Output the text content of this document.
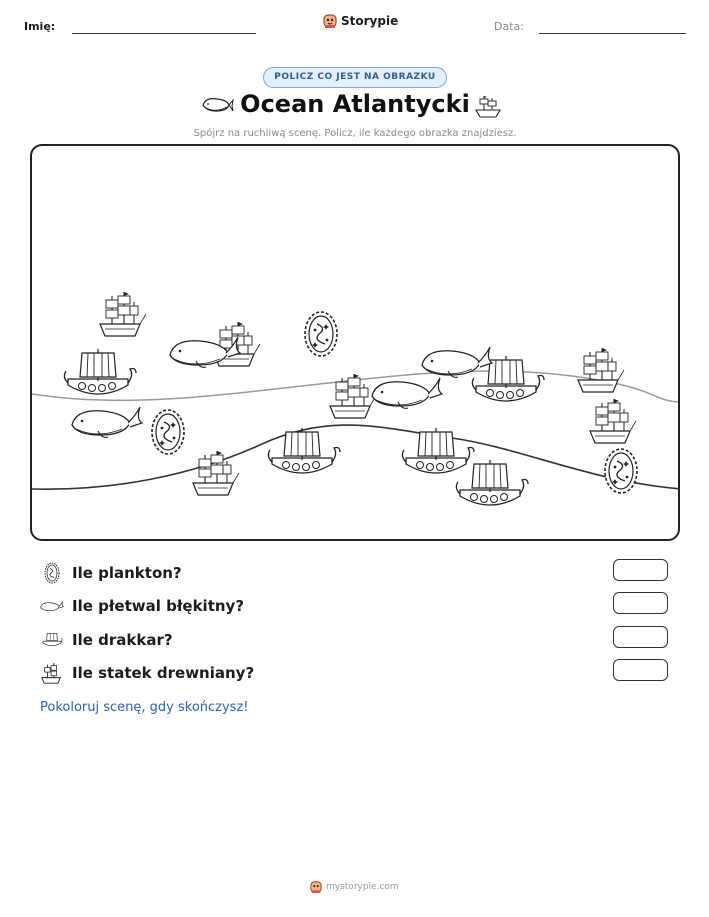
Imię:	Storypie	Data:
POLICZ CO JEST NA OBRAZKU
Ocean Atlantycki
Spójrz na ruchliwą scenę. Policz, ile każdego obrazka znajdziesz.
Ile plankton?
Ile płetwal błękitny?
Ile drakkar?
Ile statek drewniany?
Pokoloruj scenę, gdy skończysz!
mystorypie.com
